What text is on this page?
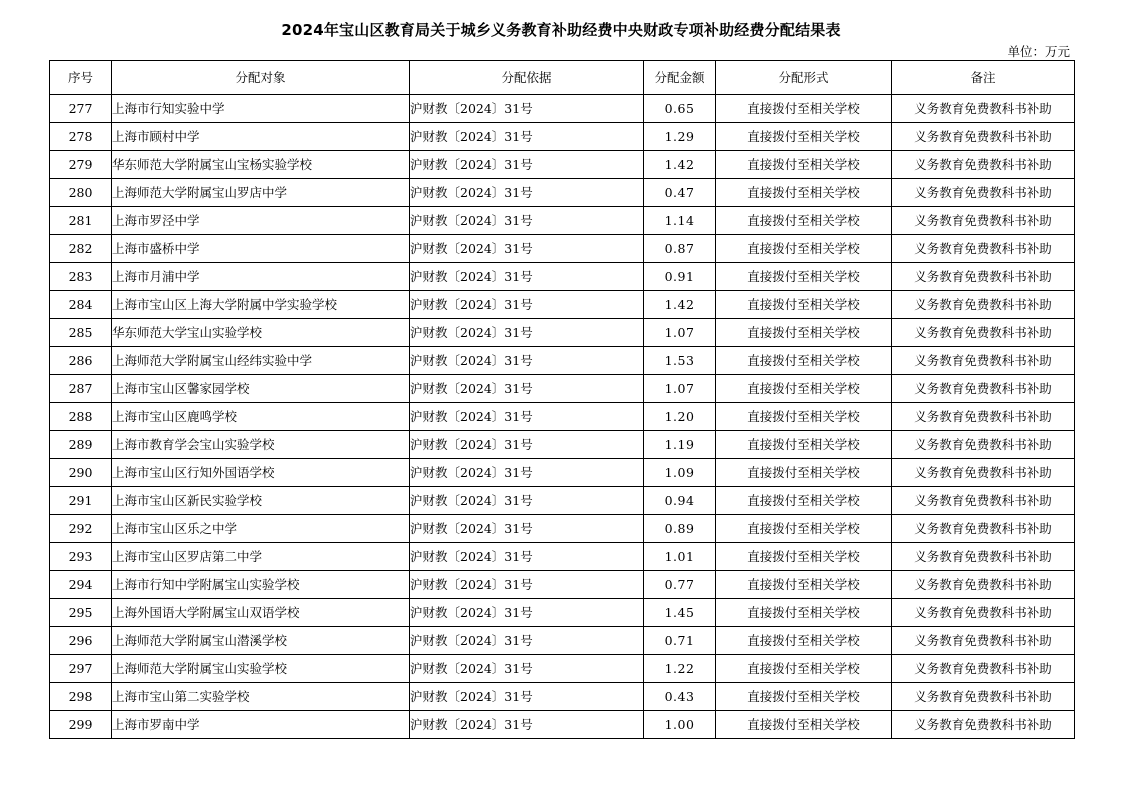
2024年宝山区教育局关于城乡义务教育补助经费中央财政专项补助经费分配结果表
单位：万元
序号	分配对象	分配依据	分配金额	分配形式	备注
277	上海市行知实验中学	沪财教〔2024〕31号	0.65	直接拨付至相关学校	义务教育免费教科书补助
278	上海市顾村中学	沪财教〔2024〕31号	1.29	直接拨付至相关学校	义务教育免费教科书补助
279	华东师范大学附属宝山宝杨实验学校	沪财教〔2024〕31号	1.42	直接拨付至相关学校	义务教育免费教科书补助
280	上海师范大学附属宝山罗店中学	沪财教〔2024〕31号	0.47	直接拨付至相关学校	义务教育免费教科书补助
281	上海市罗泾中学	沪财教〔2024〕31号	1.14	直接拨付至相关学校	义务教育免费教科书补助
282	上海市盛桥中学	沪财教〔2024〕31号	0.87	直接拨付至相关学校	义务教育免费教科书补助
283	上海市月浦中学	沪财教〔2024〕31号	0.91	直接拨付至相关学校	义务教育免费教科书补助
284	上海市宝山区上海大学附属中学实验学校	沪财教〔2024〕31号	1.42	直接拨付至相关学校	义务教育免费教科书补助
285	华东师范大学宝山实验学校	沪财教〔2024〕31号	1.07	直接拨付至相关学校	义务教育免费教科书补助
286	上海师范大学附属宝山经纬实验中学	沪财教〔2024〕31号	1.53	直接拨付至相关学校	义务教育免费教科书补助
287	上海市宝山区馨家园学校	沪财教〔2024〕31号	1.07	直接拨付至相关学校	义务教育免费教科书补助
288	上海市宝山区鹿鸣学校	沪财教〔2024〕31号	1.20	直接拨付至相关学校	义务教育免费教科书补助
289	上海市教育学会宝山实验学校	沪财教〔2024〕31号	1.19	直接拨付至相关学校	义务教育免费教科书补助
290	上海市宝山区行知外国语学校	沪财教〔2024〕31号	1.09	直接拨付至相关学校	义务教育免费教科书补助
291	上海市宝山区新民实验学校	沪财教〔2024〕31号	0.94	直接拨付至相关学校	义务教育免费教科书补助
292	上海市宝山区乐之中学	沪财教〔2024〕31号	0.89	直接拨付至相关学校	义务教育免费教科书补助
293	上海市宝山区罗店第二中学	沪财教〔2024〕31号	1.01	直接拨付至相关学校	义务教育免费教科书补助
294	上海市行知中学附属宝山实验学校	沪财教〔2024〕31号	0.77	直接拨付至相关学校	义务教育免费教科书补助
295	上海外国语大学附属宝山双语学校	沪财教〔2024〕31号	1.45	直接拨付至相关学校	义务教育免费教科书补助
296	上海师范大学附属宝山潜溪学校	沪财教〔2024〕31号	0.71	直接拨付至相关学校	义务教育免费教科书补助
297	上海师范大学附属宝山实验学校	沪财教〔2024〕31号	1.22	直接拨付至相关学校	义务教育免费教科书补助
298	上海市宝山第二实验学校	沪财教〔2024〕31号	0.43	直接拨付至相关学校	义务教育免费教科书补助
299	上海市罗南中学	沪财教〔2024〕31号	1.00	直接拨付至相关学校	义务教育免费教科书补助
